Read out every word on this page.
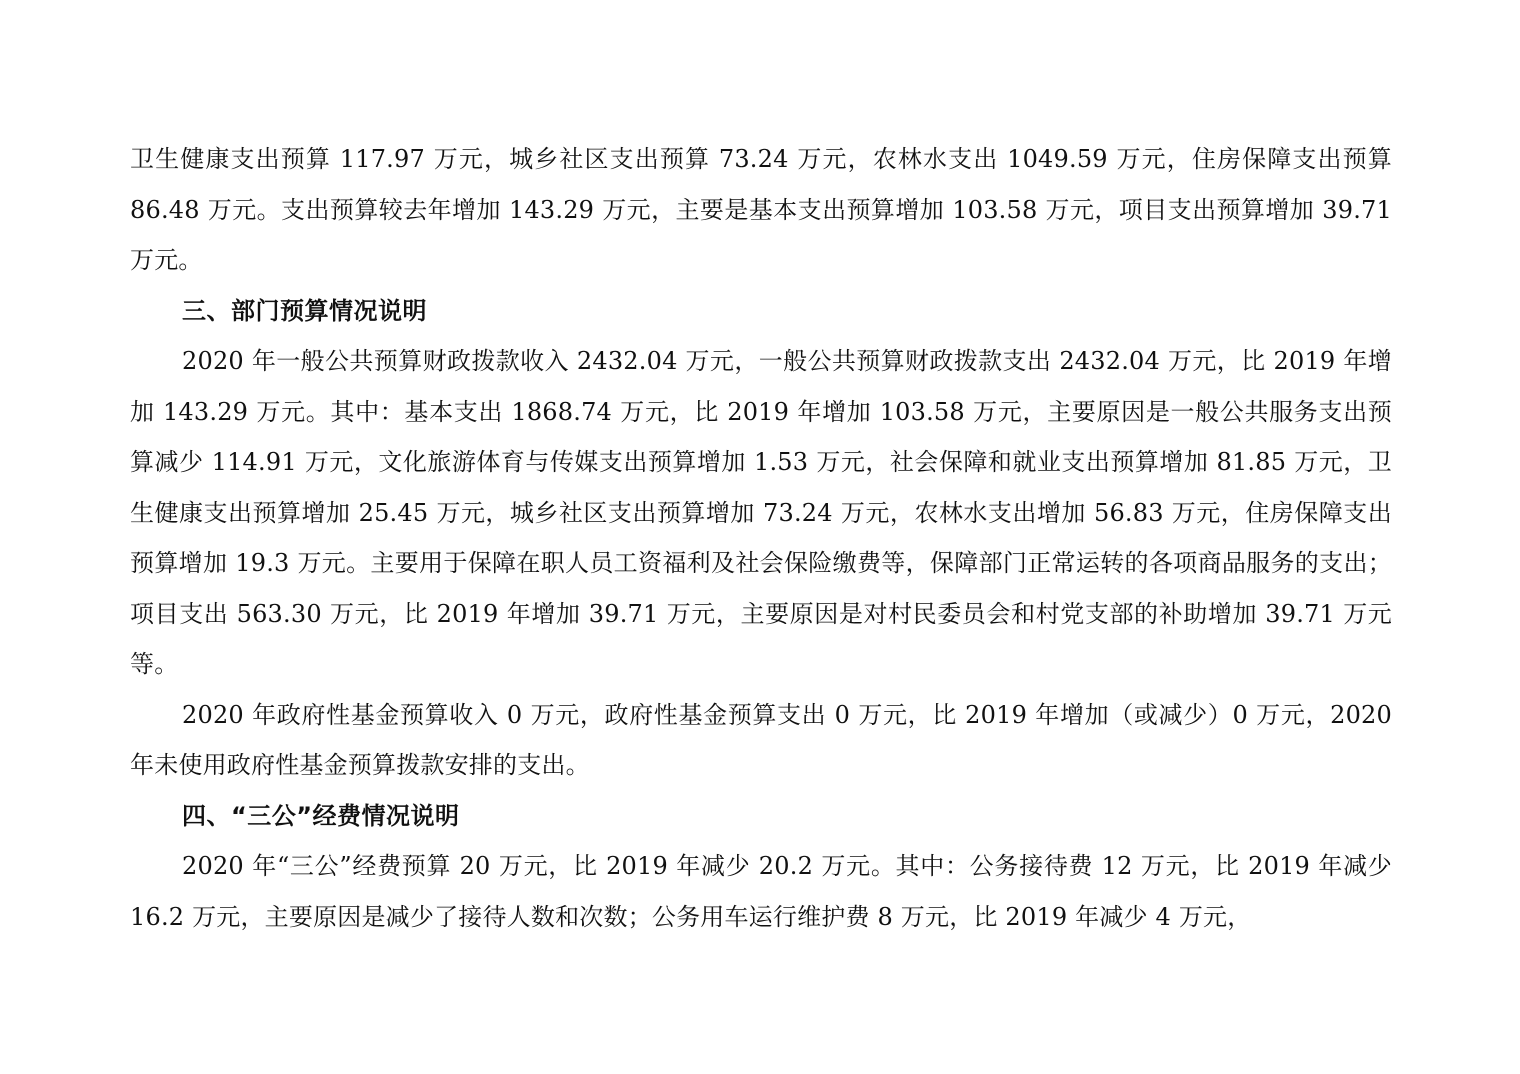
卫生健康支出预算 117.97 万元，城乡社区支出预算 73.24 万元，农林水支出 1049.59 万元，住房保障支出预算 86.48 万元。支出预算较去年增加 143.29 万元，主要是基本支出预算增加 103.58 万元，项目支出预算增加 39.71 万元。

三、部门预算情况说明

2020 年一般公共预算财政拨款收入 2432.04 万元，一般公共预算财政拨款支出 2432.04 万元，比 2019 年增加 143.29 万元。其中：基本支出 1868.74 万元，比 2019 年增加 103.58 万元，主要原因是一般公共服务支出预算减少 114.91 万元，文化旅游体育与传媒支出预算增加 1.53 万元，社会保障和就业支出预算增加 81.85 万元，卫生健康支出预算增加 25.45 万元，城乡社区支出预算增加 73.24 万元，农林水支出增加 56.83 万元，住房保障支出预算增加 19.3 万元。主要用于保障在职人员工资福利及社会保险缴费等，保障部门正常运转的各项商品服务的支出；项目支出 563.30 万元，比 2019 年增加 39.71 万元，主要原因是对村民委员会和村党支部的补助增加 39.71 万元等。

2020 年政府性基金预算收入 0 万元，政府性基金预算支出 0 万元，比 2019 年增加（或减少）0 万元，2020 年未使用政府性基金预算拨款安排的支出。

四、“三公”经费情况说明

2020 年“三公”经费预算 20 万元，比 2019 年减少 20.2 万元。其中：公务接待费 12 万元，比 2019 年减少 16.2 万元，主要原因是减少了接待人数和次数；公务用车运行维护费 8 万元，比 2019 年减少 4 万元，
